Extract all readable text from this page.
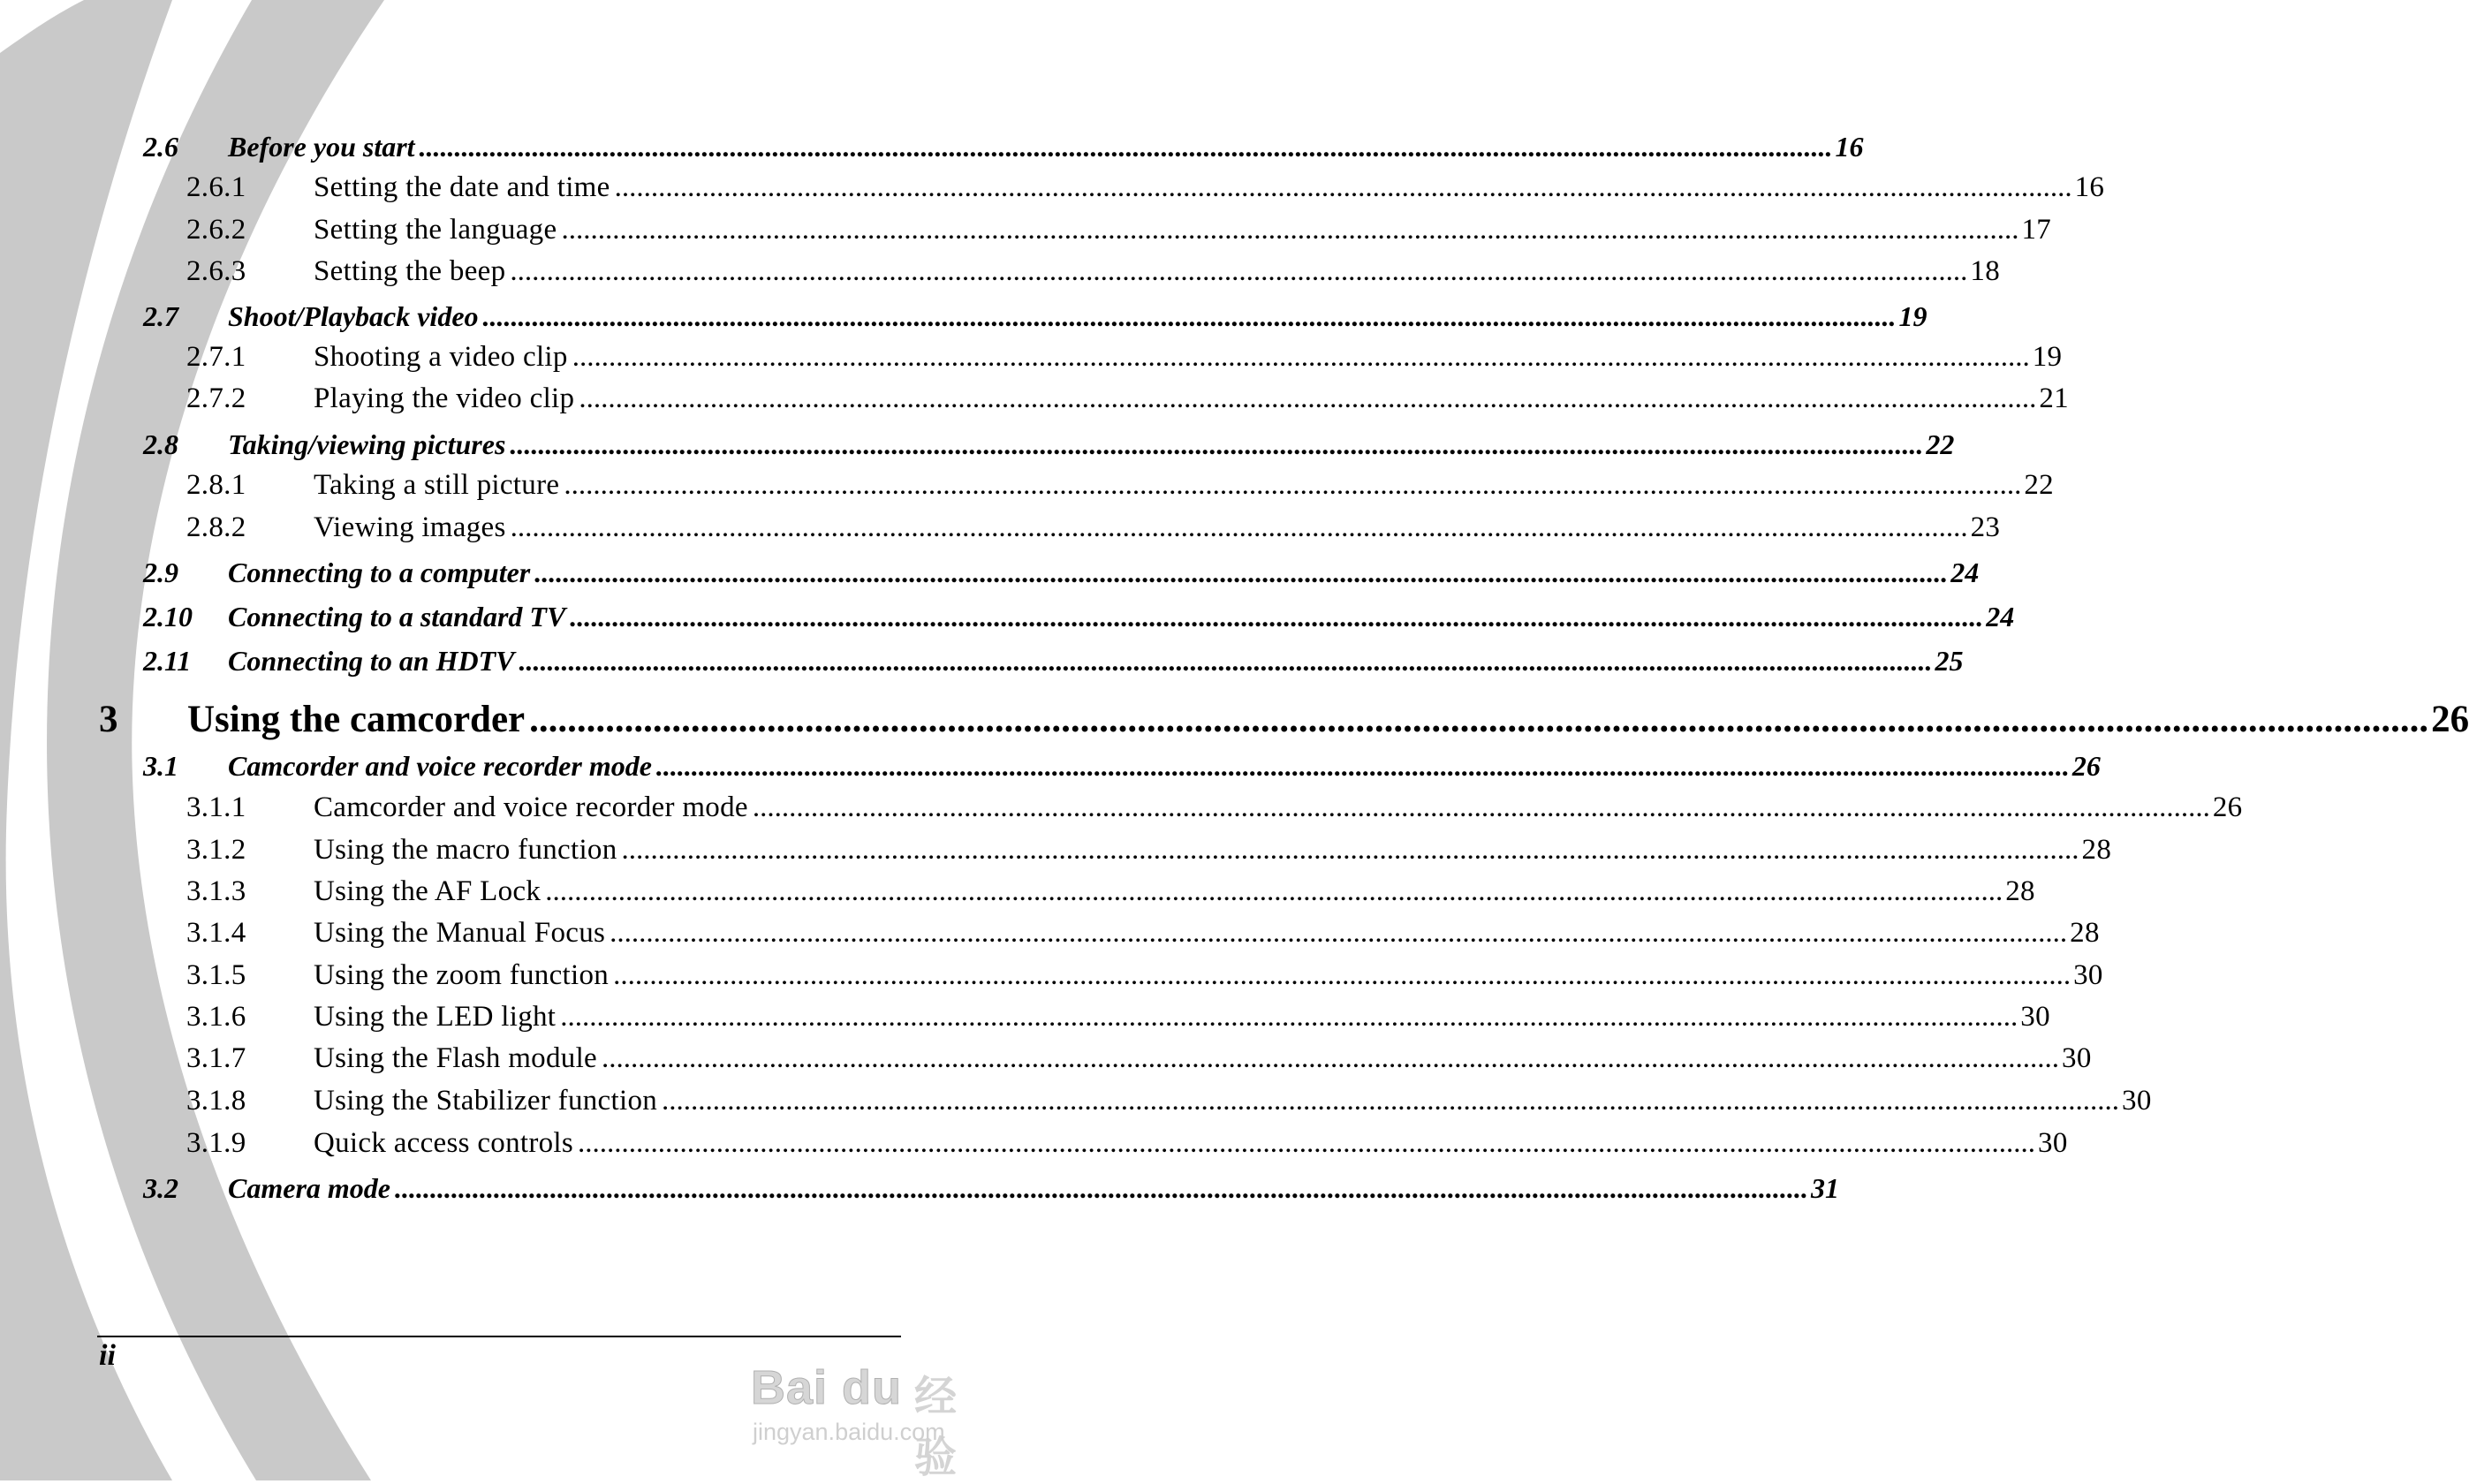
2.6	Before you start ........................................................................................................................................................................................................ 16
2.6.1	Setting the date and time ........................................................................................................................................................................................................ 16
2.6.2	Setting the language ........................................................................................................................................................................................................ 17
2.6.3	Setting the beep ........................................................................................................................................................................................................ 18
2.7	Shoot/Playback video ........................................................................................................................................................................................................ 19
2.7.1	Shooting a video clip ........................................................................................................................................................................................................ 19
2.7.2	Playing the video clip ........................................................................................................................................................................................................ 21
2.8	Taking/viewing pictures ........................................................................................................................................................................................................ 22
2.8.1	Taking a still picture ........................................................................................................................................................................................................ 22
2.8.2	Viewing images ........................................................................................................................................................................................................ 23
2.9	Connecting to a computer ........................................................................................................................................................................................................ 24
2.10	Connecting to a standard TV ........................................................................................................................................................................................................ 24
2.11	Connecting to an HDTV ........................................................................................................................................................................................................ 25
3	Using the camcorder ........................................................................................................................................................................................................ 26
3.1	Camcorder and voice recorder mode ........................................................................................................................................................................................................ 26
3.1.1	Camcorder and voice recorder mode ........................................................................................................................................................................................................ 26
3.1.2	Using the macro function ........................................................................................................................................................................................................ 28
3.1.3	Using the AF Lock ........................................................................................................................................................................................................ 28
3.1.4	Using the Manual Focus ........................................................................................................................................................................................................ 28
3.1.5	Using the zoom function ........................................................................................................................................................................................................ 30
3.1.6	Using the LED light ........................................................................................................................................................................................................ 30
3.1.7	Using the Flash module ........................................................................................................................................................................................................ 30
3.1.8	Using the Stabilizer function ........................................................................................................................................................................................................ 30
3.1.9	Quick access controls ........................................................................................................................................................................................................ 30
3.2	Camera mode ........................................................................................................................................................................................................ 31
ii
Bai du 经验
jingyan.baidu.com
